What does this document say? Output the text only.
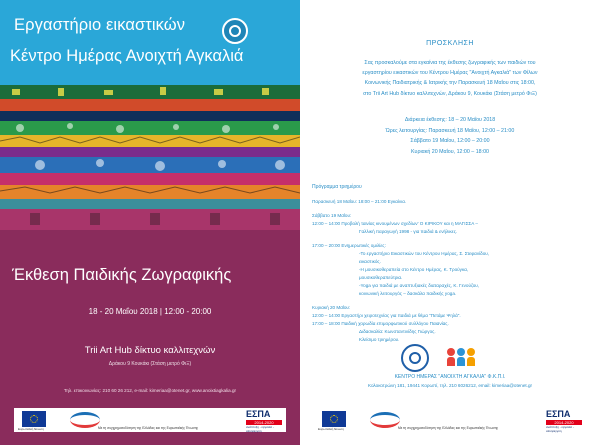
Εργαστήριο εικαστικών
Κέντρο Ημέρας Ανοιχτή Αγκαλιά
Έκθεση Παιδικής Ζωγραφικής
18 - 20 Μαΐου 2018 | 12:00 - 20:00
Trii Art Hub δίκτυο καλλιτεχνών
Δράκου 9 Κουκάκι (Στάση μετρό ΦιΞ)
Τηλ. επικοινωνίας: 210 60 26 212, e-mail: kimeriaa@otenet.gr, www.anoixtiagkalia.gr
Ευρωπαϊκή Ένωση	Με τη συγχρηματοδότηση της Ελλάδας και της Ευρωπαϊκής Ένωσης
ΕΣΠΑ
2014-2020
ανάπτυξη - εργασία - αλληλεγγύη
ΠΡΟΣΚΛΗΣΗ
Σας προσκαλούμε στα εγκαίνια της έκθεσης ζωγραφικής των παιδιών του
εργαστηρίου εικαστικών του Κέντρου Ημέρας "Ανοιχτή Αγκαλιά" των Φίλων
Κοινωνικής Παιδιατρικής & Ιατρικής την Παρασκευή 18 Μαΐου στις 18:00,
στο Trii Art Hub δίκτυο καλλιτεχνών, Δράκου 9, Κουκάκι (Στάση μετρό ΦιΞ)
Διάρκεια έκθεσης: 18 – 20 Μαΐου 2018
Ώρες λειτουργίας: Παρασκευή 18 Μαΐου, 12:00 – 21:00
Σάββατο 19 Μαΐου, 12:00 – 20:00
Κυριακή 20 Μαΐου, 12:00 – 18:00
Πρόγραμμα τριημέρου
Παρασκευή 18 Μαΐου: 18:00 – 21:00 Εγκαίνια.
Σάββατο 19 Μαΐου:
12:00 – 14:00 Προβολή ταινίας κινουμένων σχεδίων' Ο ΚΙΡΙΚΟΥ και η ΜΑΓΙΣΣΑ –
Γαλλική παραγωγή 1998 - για παιδιά & ενήλικες.
17:00 – 20:00 Ενημερωτικές ομιλίες:
-Το εργαστήριο Εικαστικών του Κέντρου Ημέρας, Σ. Στεφανίδου,
εικαστικός.
-Η μουσικοθεραπεία στο Κέντρο Ημέρας, Κ. Τρούγκα,
μουσικοθεραπεύτρια.
-Yoga για παιδιά με αναπτυξιακές διαταραχές, Κ. Γενούζου,
κοινωνική λειτουργός – δασκάλα παιδικής yoga.
Κυριακή 20 Μαΐου:
12:00 – 14:00 Εργαστήρι χειροτεχνίας για παιδιά με θέμα "Πετάμε Ψηλά".
17:00 – 18:00 Παιδική χορωδία επιμορφωτικού συλλόγου Παιανίας.
Διδασκαλία: Κωνσταντινίδης Γιώργος.
Κλείσιμο τριημέρου.
ΚΕΝΤΡΟ ΗΜΕΡΑΣ "ΑΝΟΙΧΤΗ ΑΓΚΑΛΙΑ" Φ.Κ.Π.Ι.
Κολοκοτρώνη 181, 19441 Κορωπί, τηλ. 210 6026212, email: kimeriaa@otenet.gr
Ευρωπαϊκή Ένωση	Με τη συγχρηματοδότηση της Ελλάδας και της Ευρωπαϊκής Ένωσης
ΕΣΠΑ
2014-2020
ανάπτυξη - εργασία - αλληλεγγύη
